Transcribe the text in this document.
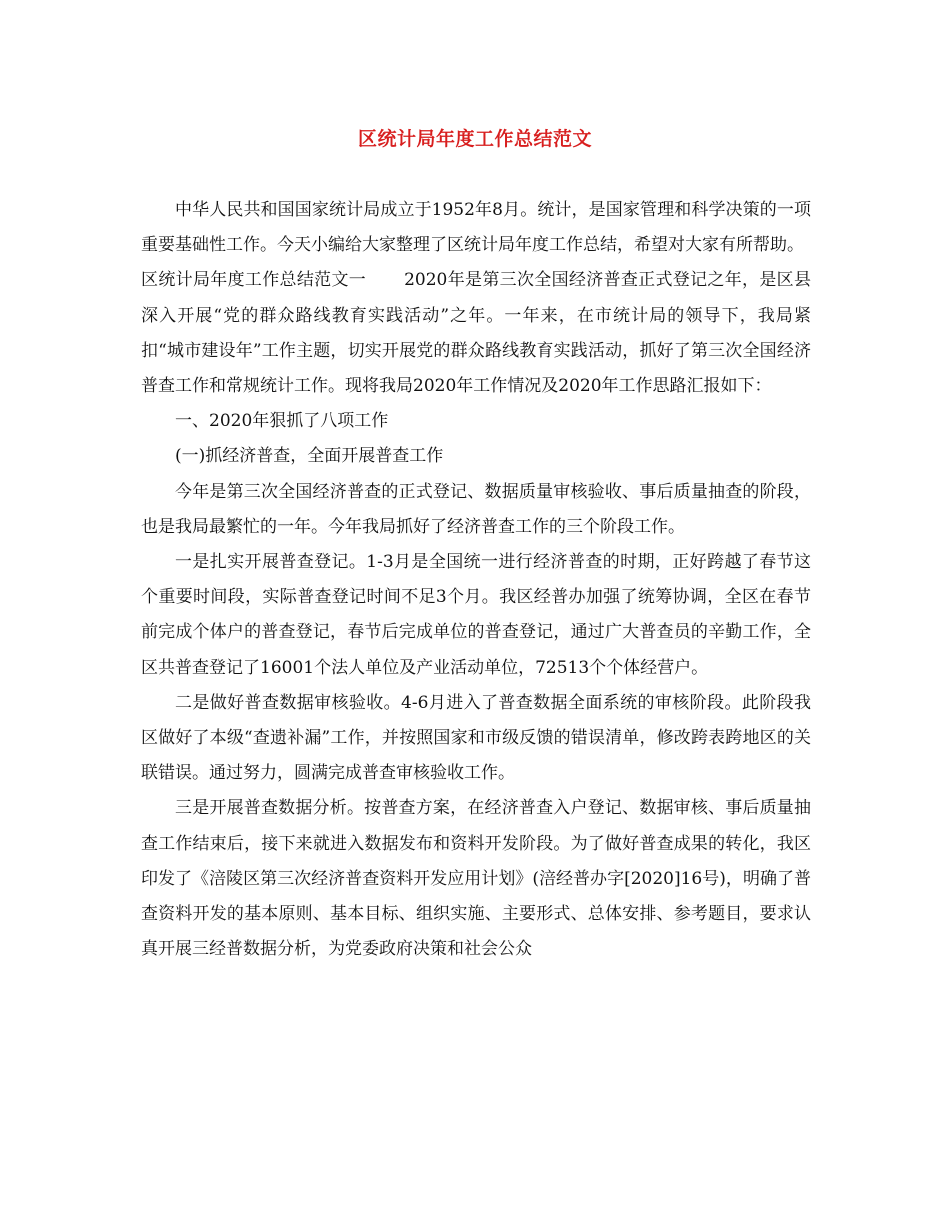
区统计局年度工作总结范文

中华人民共和国国家统计局成立于1952年8月。统计，是国家管理和科学决策的一项重要基础性工作。今天小编给大家整理了区统计局年度工作总结，希望对大家有所帮助。

区统计局年度工作总结范文一 2020年是第三次全国经济普查正式登记之年，是区县深入开展“党的群众路线教育实践活动”之年。一年来，在市统计局的领导下，我局紧扣“城市建设年”工作主题，切实开展党的群众路线教育实践活动，抓好了第三次全国经济普查工作和常规统计工作。现将我局2020年工作情况及2020年工作思路汇报如下：

一、2020年狠抓了八项工作

(一)抓经济普查，全面开展普查工作

今年是第三次全国经济普查的正式登记、数据质量审核验收、事后质量抽查的阶段，也是我局最繁忙的一年。今年我局抓好了经济普查工作的三个阶段工作。

一是扎实开展普查登记。1-3月是全国统一进行经济普查的时期，正好跨越了春节这个重要时间段，实际普查登记时间不足3个月。我区经普办加强了统筹协调，全区在春节前完成个体户的普查登记，春节后完成单位的普查登记，通过广大普查员的辛勤工作，全区共普查登记了16001个法人单位及产业活动单位，72513个个体经营户。

二是做好普查数据审核验收。4-6月进入了普查数据全面系统的审核阶段。此阶段我区做好了本级“查遗补漏”工作，并按照国家和市级反馈的错误清单，修改跨表跨地区的关联错误。通过努力，圆满完成普查审核验收工作。

三是开展普查数据分析。按普查方案，在经济普查入户登记、数据审核、事后质量抽查工作结束后，接下来就进入数据发布和资料开发阶段。为了做好普查成果的转化，我区印发了《涪陵区第三次经济普查资料开发应用计划》(涪经普办字[2020]16号)，明确了普查资料开发的基本原则、基本目标、组织实施、主要形式、总体安排、参考题目，要求认真开展三经普数据分析，为党委政府决策和社会公众
